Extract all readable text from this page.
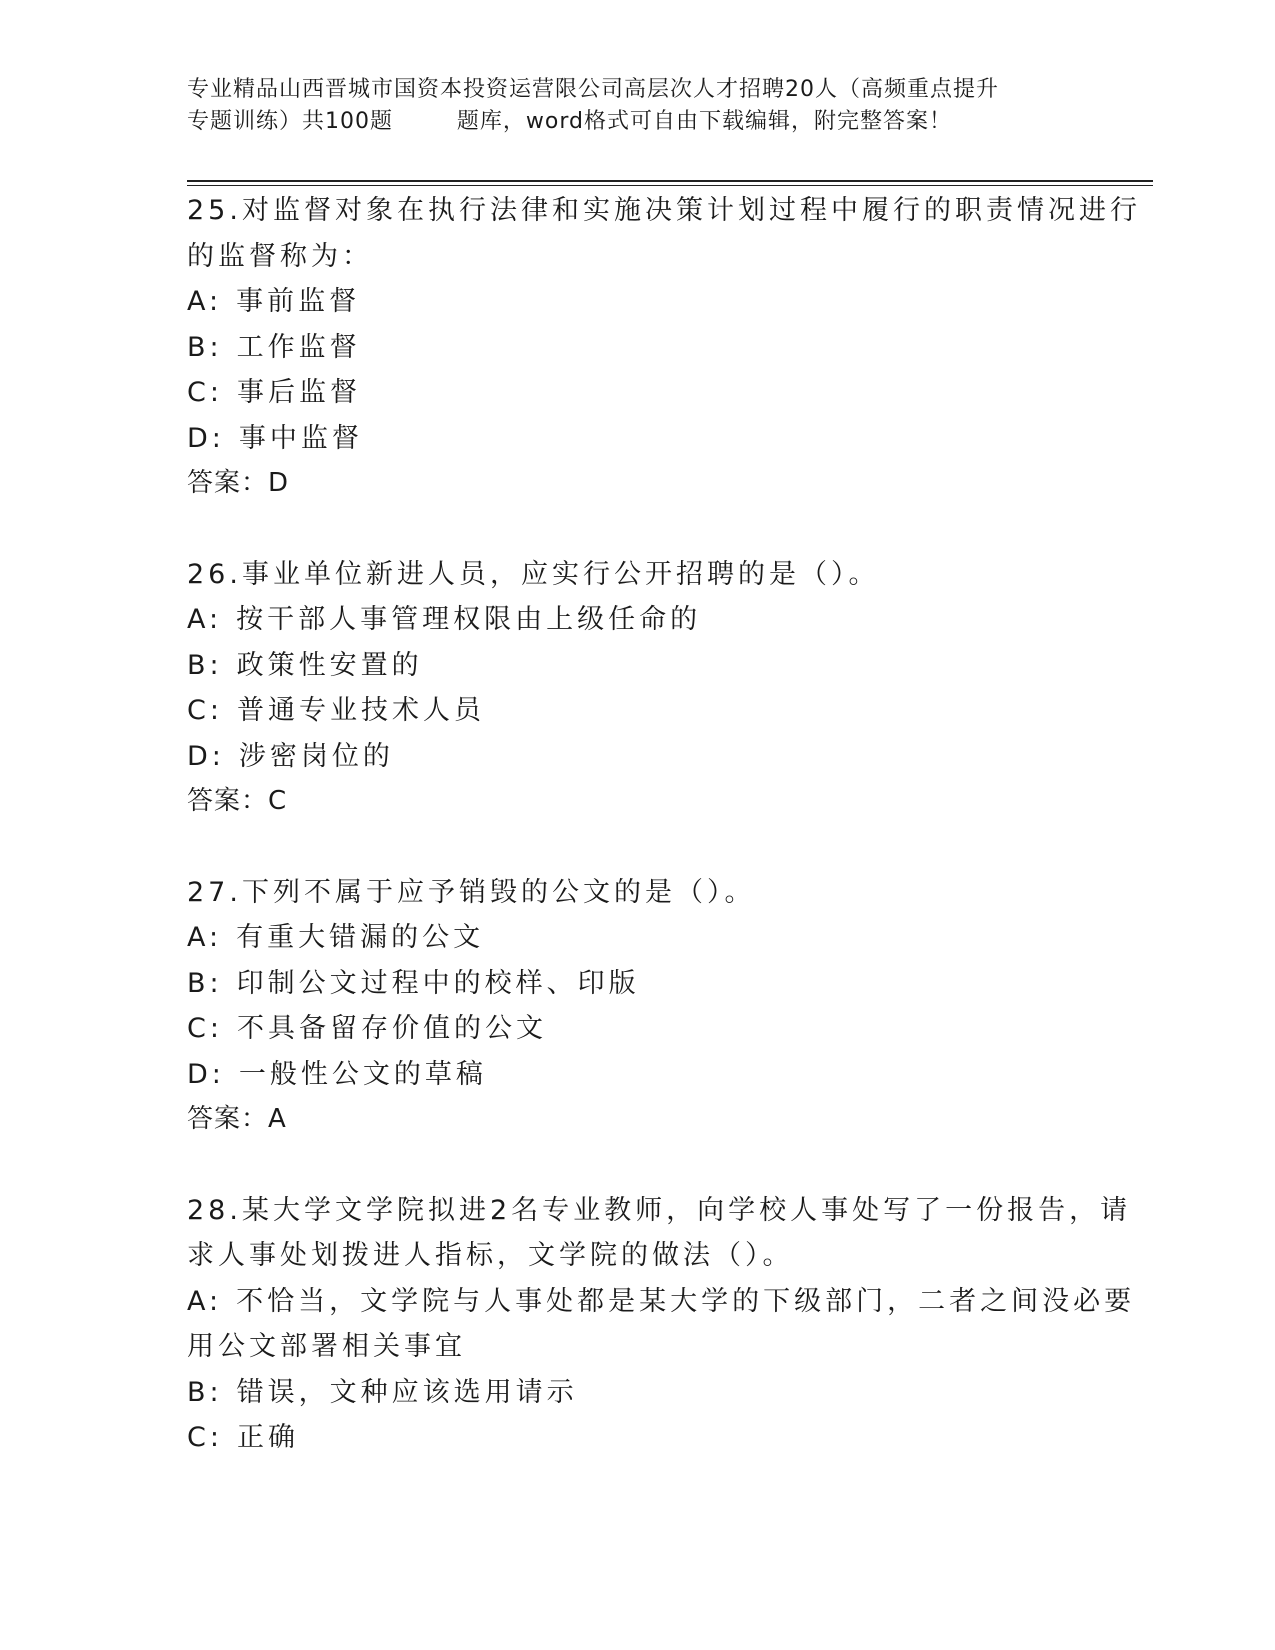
专业精品山西晋城市国资本投资运营限公司高层次人才招聘20人（高频重点提升
专题训练）共100题        题库，word格式可自由下载编辑，附完整答案！
25.对监督对象在执行法律和实施决策计划过程中履行的职责情况进行
的监督称为：
A: 事前监督
B: 工作监督
C: 事后监督
D: 事中监督
答案：D
26.事业单位新进人员，应实行公开招聘的是（）。
A: 按干部人事管理权限由上级任命的
B: 政策性安置的
C: 普通专业技术人员
D: 涉密岗位的
答案：C
27.下列不属于应予销毁的公文的是（）。
A: 有重大错漏的公文
B: 印制公文过程中的校样、印版
C: 不具备留存价值的公文
D: 一般性公文的草稿
答案：A
28.某大学文学院拟进2名专业教师，向学校人事处写了一份报告，请
求人事处划拨进人指标，文学院的做法（）。
A: 不恰当，文学院与人事处都是某大学的下级部门，二者之间没必要
用公文部署相关事宜
B: 错误，文种应该选用请示
C: 正确
